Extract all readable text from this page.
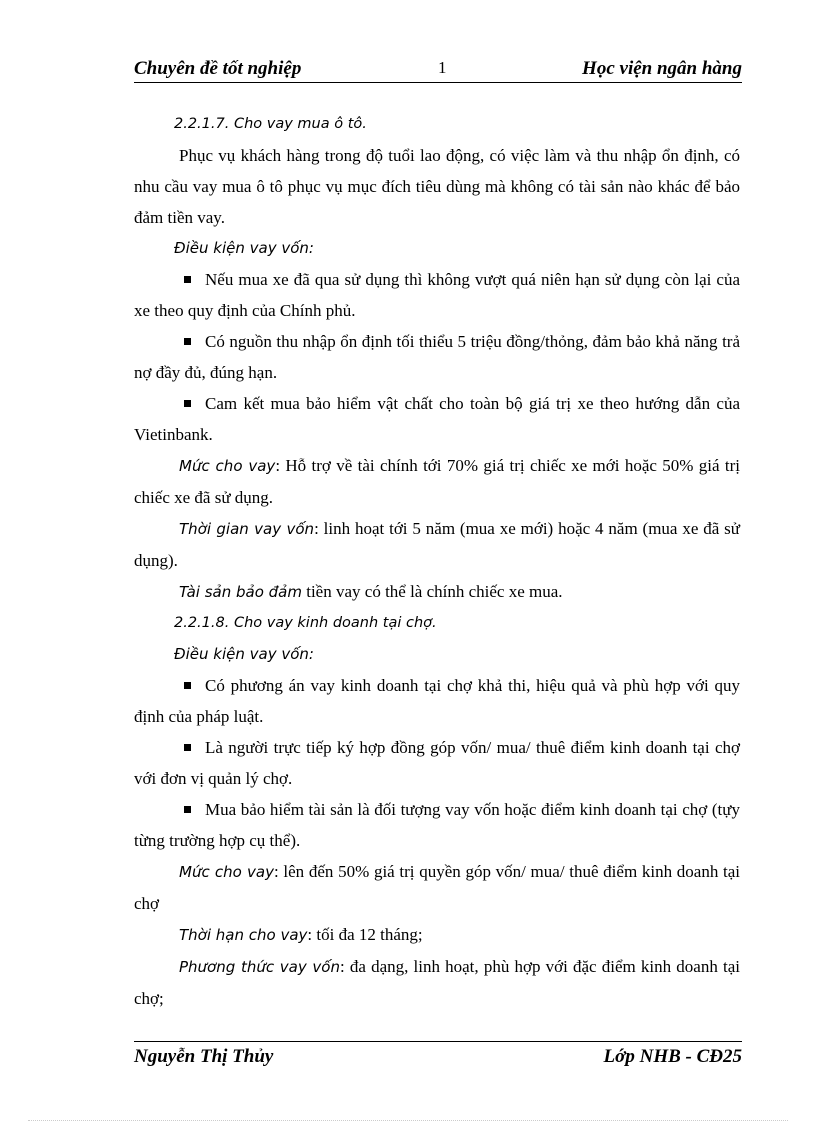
Chuyên đề tốt nghiệp	1	Học viện ngân hàng

2.2.1.7. Cho vay mua ô tô.

Phục vụ khách hàng trong độ tuổi lao động, có việc làm và thu nhập ổn định, có nhu cầu vay mua ô tô phục vụ mục đích tiêu dùng mà không có tài sản nào khác để bảo đảm tiền vay.

Điều kiện vay vốn:

Nếu mua xe đã qua sử dụng thì không vượt quá niên hạn sử dụng còn lại của xe theo quy định của Chính phủ.

Có nguồn thu nhập ổn định tối thiểu 5 triệu đồng/thỏng, đảm bảo khả năng trả nợ đầy đủ, đúng hạn.

Cam kết mua bảo hiểm vật chất cho toàn bộ giá trị xe theo hướng dẫn của Vietinbank.

Mức cho vay: Hỗ trợ về tài chính tới 70% giá trị chiếc xe mới hoặc 50% giá trị chiếc xe đã sử dụng.

Thời gian vay vốn: linh hoạt tới 5 năm (mua xe mới) hoặc 4 năm (mua xe đã sử dụng).

Tài sản bảo đảm tiền vay có thể là chính chiếc xe mua.

2.2.1.8. Cho vay kinh doanh tại chợ.

Điều kiện vay vốn:

Có phương án vay kinh doanh tại chợ khả thi, hiệu quả và phù hợp với quy định của pháp luật.

Là người trực tiếp ký hợp đồng góp vốn/ mua/ thuê điểm kinh doanh tại chợ với đơn vị quản lý chợ.

Mua bảo hiểm tài sản là đối tượng vay vốn hoặc điểm kinh doanh tại chợ (tựy từng trường hợp cụ thể).

Mức cho vay: lên đến 50% giá trị quyền góp vốn/ mua/ thuê điểm kinh doanh tại chợ

Thời hạn cho vay: tối đa 12 tháng;

Phương thức vay vốn: đa dạng, linh hoạt, phù hợp với đặc điểm kinh doanh tại chợ;

Nguyễn Thị Thủy	Lớp NHB - CĐ25
